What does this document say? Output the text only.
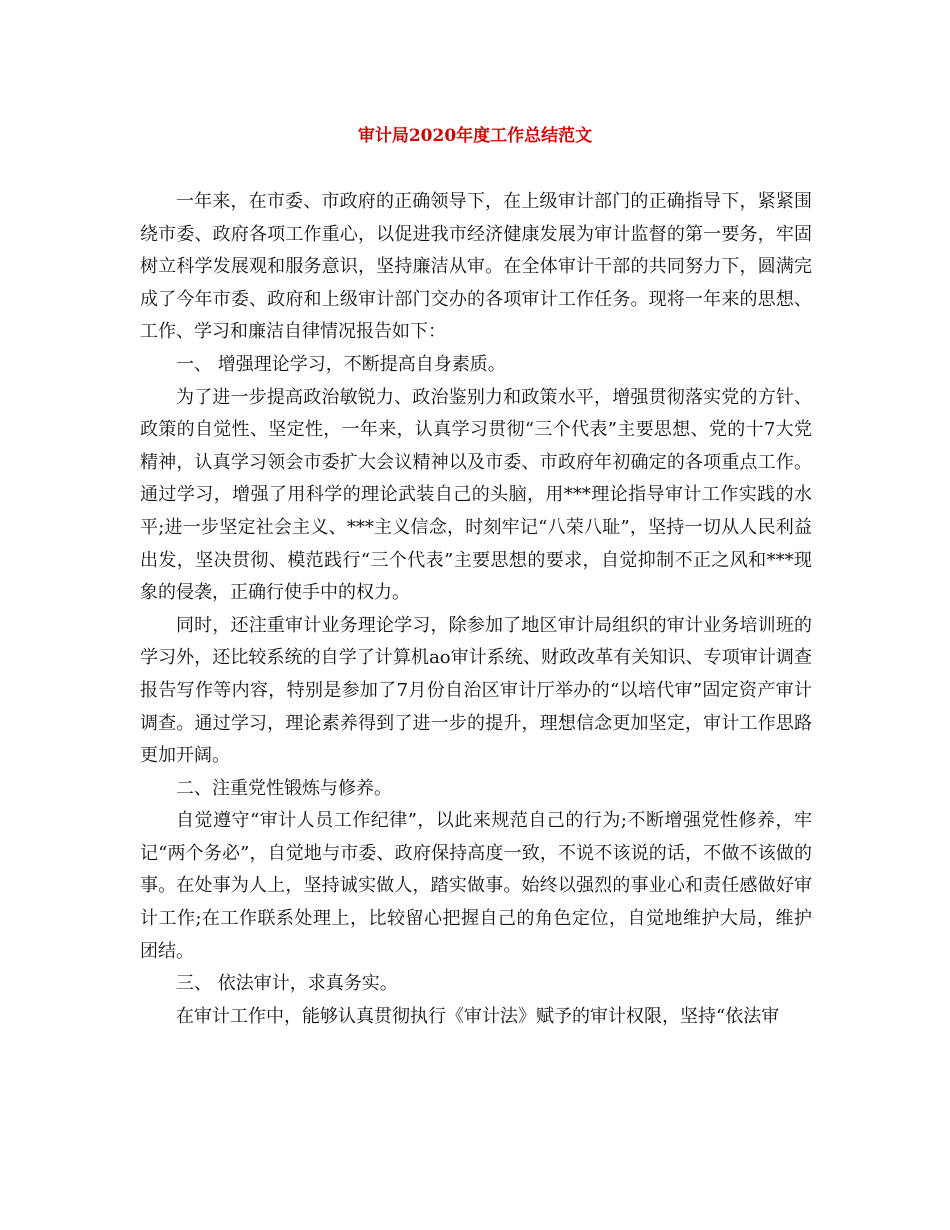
审计局2020年度工作总结范文

一年来，在市委、市政府的正确领导下，在上级审计部门的正确指导下，紧紧围绕市委、政府各项工作重心，以促进我市经济健康发展为审计监督的第一要务，牢固树立科学发展观和服务意识，坚持廉洁从审。在全体审计干部的共同努力下，圆满完成了今年市委、政府和上级审计部门交办的各项审计工作任务。现将一年来的思想、工作、学习和廉洁自律情况报告如下：

一、 增强理论学习，不断提高自身素质。

为了进一步提高政治敏锐力、政治鉴别力和政策水平，增强贯彻落实党的方针、政策的自觉性、坚定性，一年来，认真学习贯彻“三个代表”主要思想、党的十7大党精神，认真学习领会市委扩大会议精神以及市委、市政府年初确定的各项重点工作。通过学习，增强了用科学的理论武装自己的头脑，用***理论指导审计工作实践的水平;进一步坚定社会主义、***主义信念，时刻牢记“八荣八耻”，坚持一切从人民利益出发，坚决贯彻、模范践行“三个代表”主要思想的要求，自觉抑制不正之风和***现象的侵袭，正确行使手中的权力。

同时，还注重审计业务理论学习，除参加了地区审计局组织的审计业务培训班的学习外，还比较系统的自学了计算机ao审计系统、财政改革有关知识、专项审计调查报告写作等内容，特别是参加了7月份自治区审计厅举办的“以培代审”固定资产审计调查。通过学习，理论素养得到了进一步的提升，理想信念更加坚定，审计工作思路更加开阔。

二、注重党性锻炼与修养。

自觉遵守“审计人员工作纪律”，以此来规范自己的行为;不断增强党性修养，牢记“两个务必”，自觉地与市委、政府保持高度一致，不说不该说的话，不做不该做的事。在处事为人上，坚持诚实做人，踏实做事。始终以强烈的事业心和责任感做好审计工作;在工作联系处理上，比较留心把握自己的角色定位，自觉地维护大局，维护团结。

三、 依法审计，求真务实。

在审计工作中，能够认真贯彻执行《审计法》赋予的审计权限，坚持“依法审
